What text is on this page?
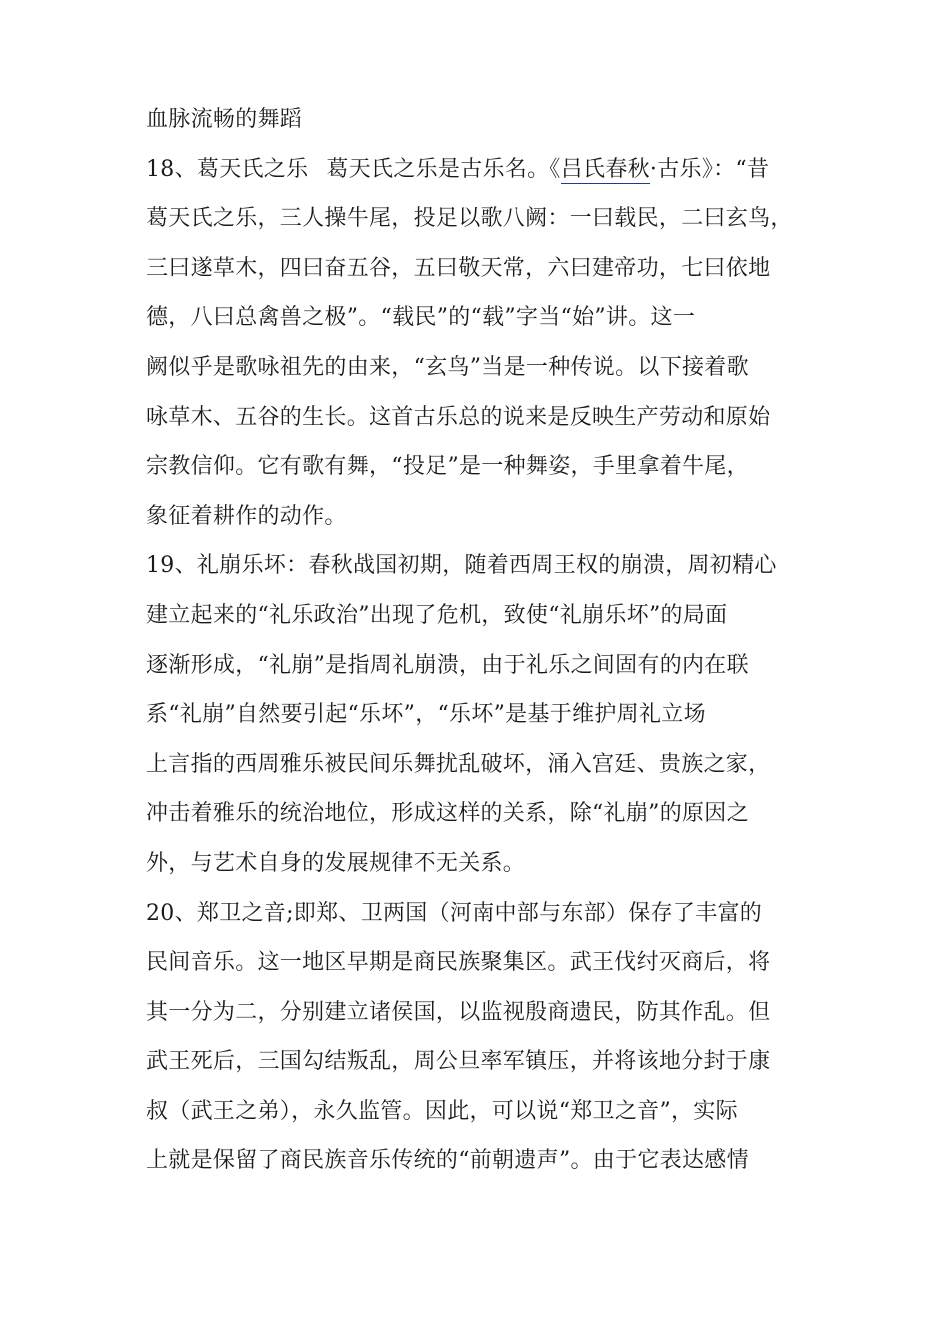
血脉流畅的舞蹈
18、葛天氏之乐 葛天氏之乐是古乐名。《吕氏春秋·古乐》：“昔
葛天氏之乐，三人操牛尾，投足以歌八阙：一曰载民，二曰玄鸟，
三曰遂草木，四曰奋五谷，五曰敬天常，六曰建帝功，七曰依地
德，八曰总禽兽之极”。“载民”的“载”字当“始”讲。这一
阙似乎是歌咏祖先的由来，“玄鸟”当是一种传说。以下接着歌
咏草木、五谷的生长。这首古乐总的说来是反映生产劳动和原始
宗教信仰。它有歌有舞，“投足”是一种舞姿，手里拿着牛尾，
象征着耕作的动作。
19、礼崩乐坏：春秋战国初期，随着西周王权的崩溃，周初精心
建立起来的“礼乐政治”出现了危机，致使“礼崩乐坏”的局面
逐渐形成，“礼崩”是指周礼崩溃，由于礼乐之间固有的内在联
系“礼崩”自然要引起“乐坏”，“乐坏”是基于维护周礼立场
上言指的西周雅乐被民间乐舞扰乱破坏，涌入宫廷、贵族之家，
冲击着雅乐的统治地位，形成这样的关系，除“礼崩”的原因之
外，与艺术自身的发展规律不无关系。
20、郑卫之音;即郑、卫两国（河南中部与东部）保存了丰富的
民间音乐。这一地区早期是商民族聚集区。武王伐纣灭商后，将
其一分为二，分别建立诸侯国，以监视殷商遗民，防其作乱。但
武王死后，三国勾结叛乱，周公旦率军镇压，并将该地分封于康
叔（武王之弟），永久监管。因此，可以说“郑卫之音”，实际
上就是保留了商民族音乐传统的“前朝遗声”。由于它表达感情
